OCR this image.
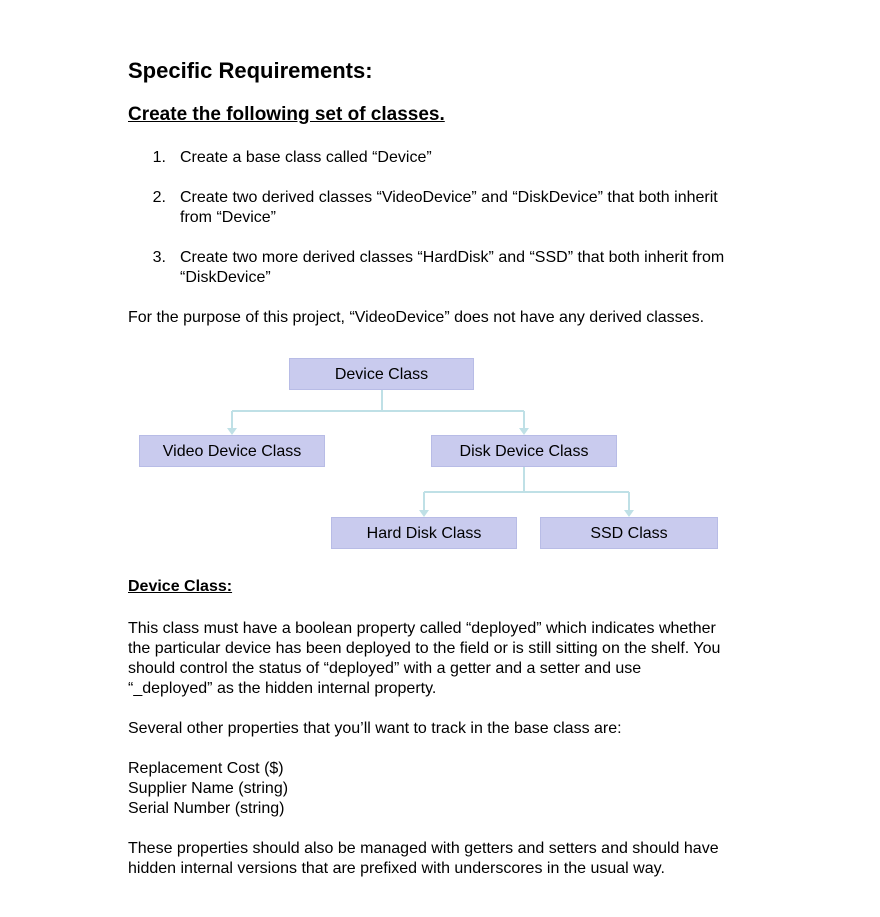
Specific Requirements:
Create the following set of classes.
1. Create a base class called “Device”
2. Create two derived classes “VideoDevice” and “DiskDevice” that both inherit
from “Device”
3. Create two more derived classes “HardDisk” and “SSD” that both inherit from
“DiskDevice”
For the purpose of this project, “VideoDevice” does not have any derived classes.
Device Class
Video Device Class	Disk Device Class
Hard Disk Class	SSD Class
Device Class:
This class must have a boolean property called “deployed” which indicates whether
the particular device has been deployed to the field or is still sitting on the shelf. You
should control the status of “deployed” with a getter and a setter and use
“_deployed” as the hidden internal property.
Several other properties that you’ll want to track in the base class are:
Replacement Cost ($)
Supplier Name (string)
Serial Number (string)
These properties should also be managed with getters and setters and should have
hidden internal versions that are prefixed with underscores in the usual way.
